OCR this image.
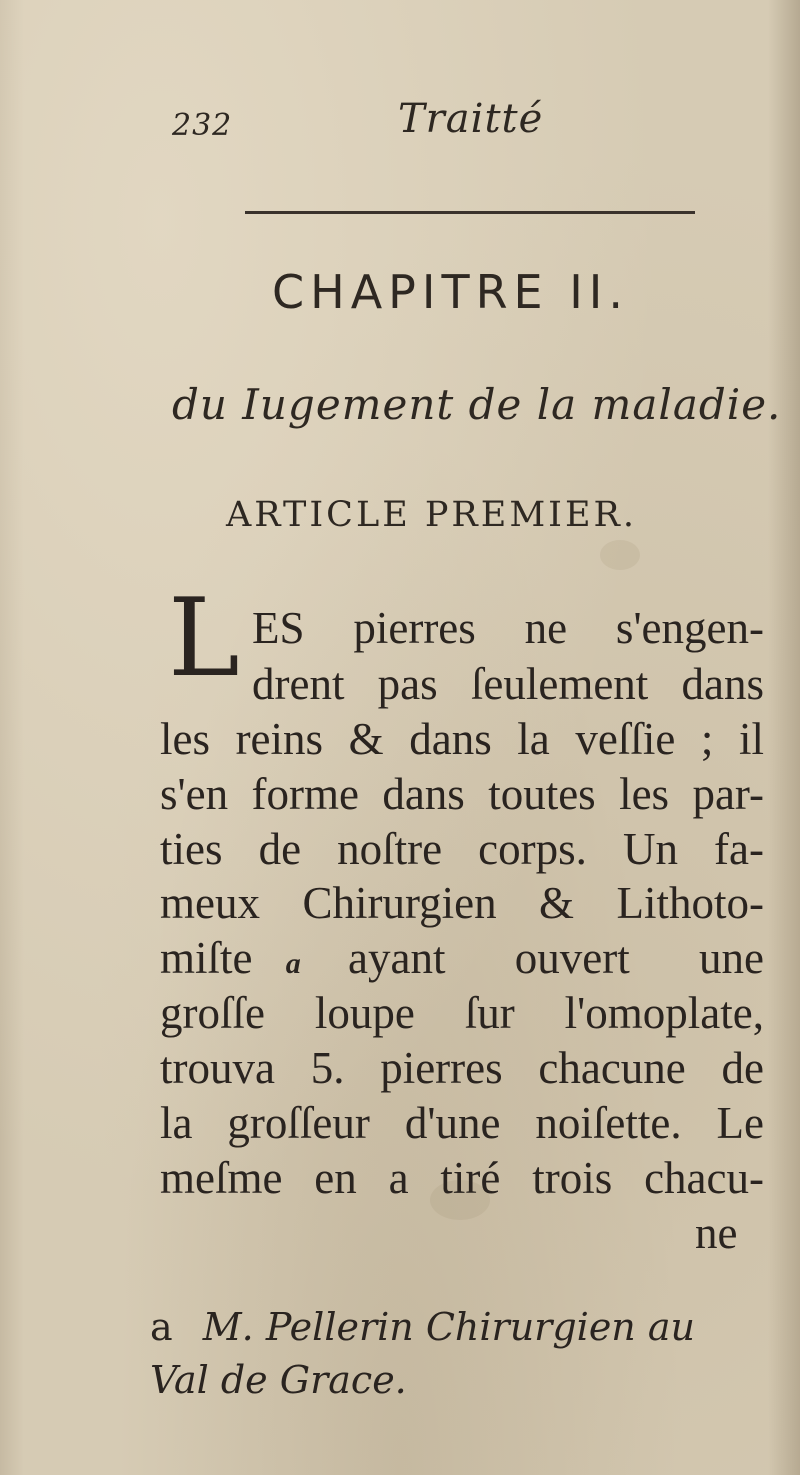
232	Traitté
CHAPITRE II.
du Iugement de la maladie.
ARTICLE PREMIER.
L ES pierres ne s'engen-
drent pas ſeulement dans
les reins & dans la veſſie ; il
s'en forme dans toutes les par-
ties de noſtre corps. Un fa-
meux Chirurgien & Lithoto-
miſte a ayant ouvert une
groſſe loupe ſur l'omoplate,
trouva 5. pierres chacune de
la groſſeur d'une noiſette. Le
meſme en a tiré trois chacu-
ne
a M. Pellerin Chirurgien au
Val de Grace.
